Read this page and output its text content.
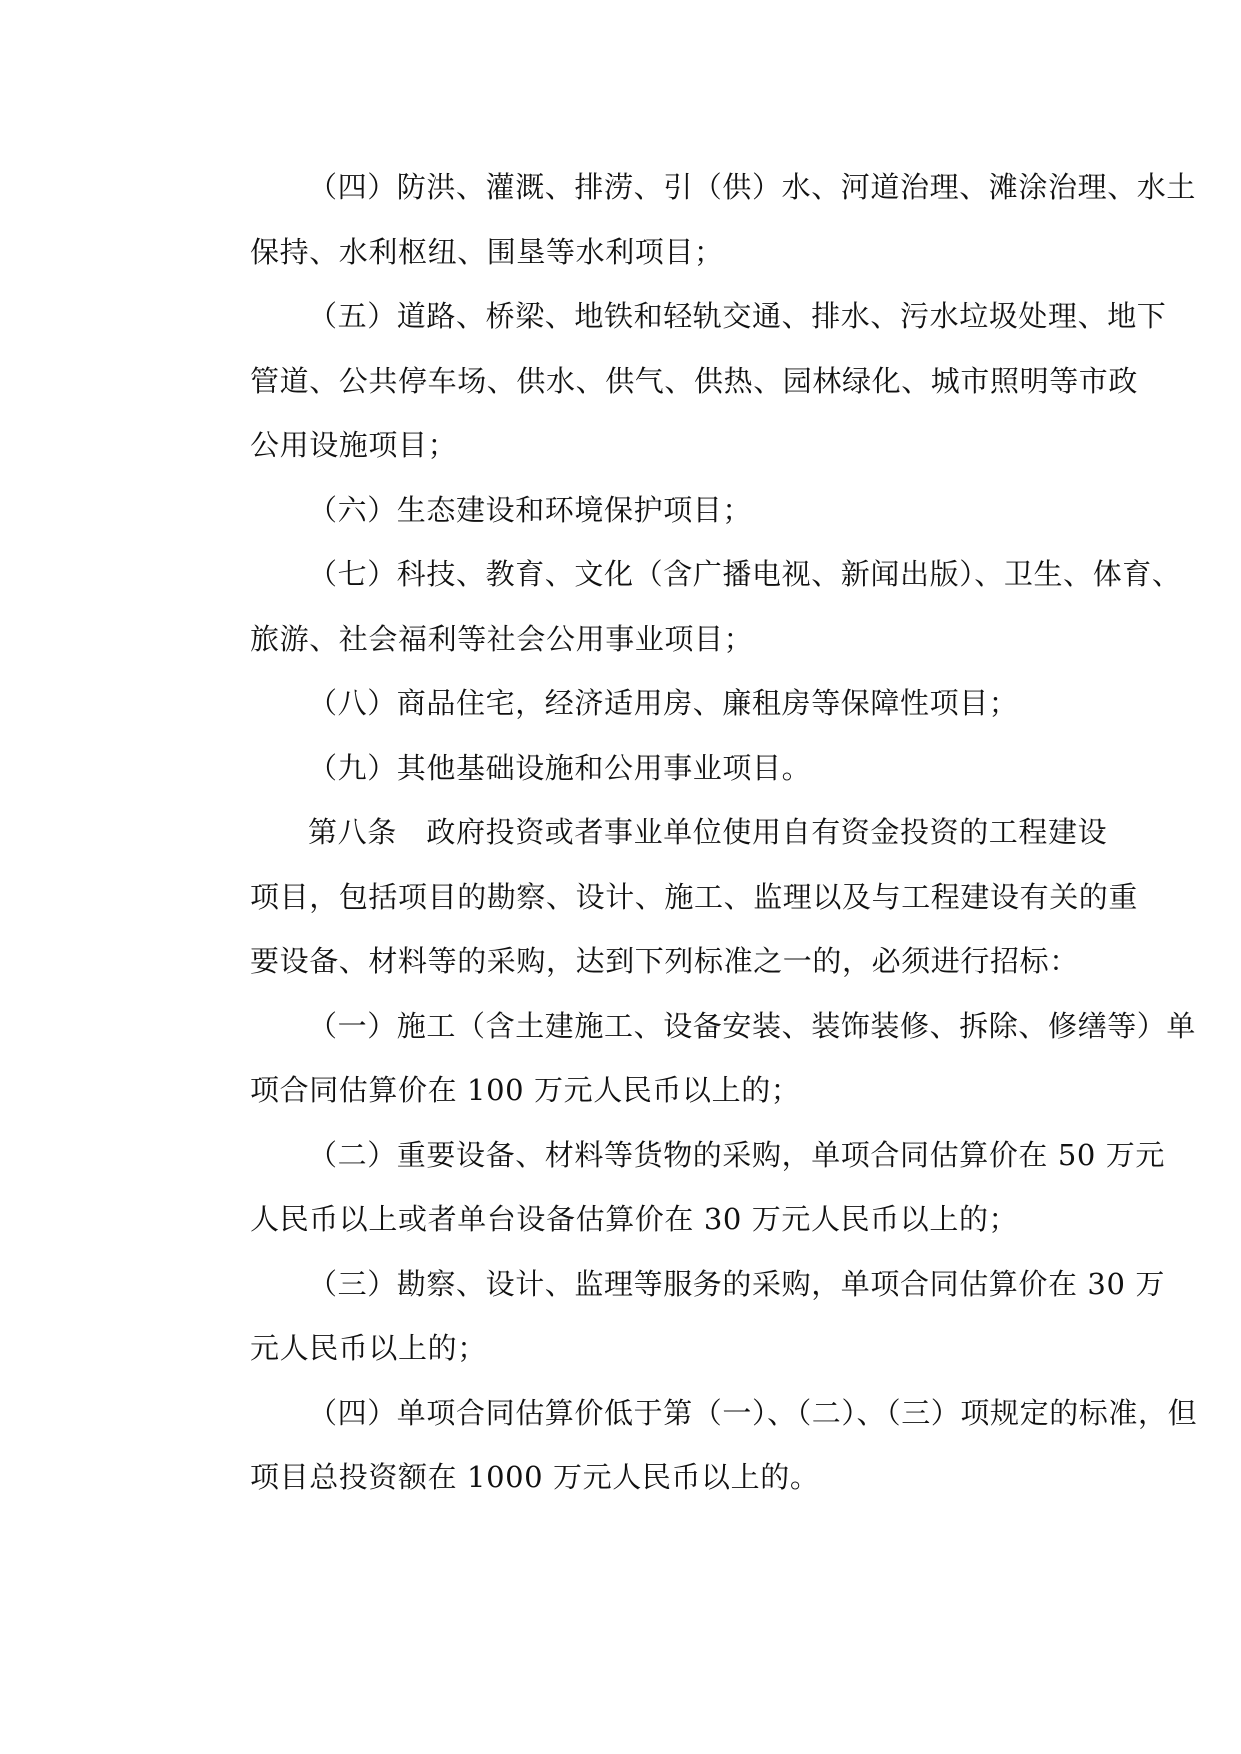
（四）防洪、灌溉、排涝、引（供）水、河道治理、滩涂治理、水土
保持、水利枢纽、围垦等水利项目；

（五）道路、桥梁、地铁和轻轨交通、排水、污水垃圾处理、地下
管道、公共停车场、供水、供气、供热、园林绿化、城市照明等市政
公用设施项目；

（六）生态建设和环境保护项目；

（七）科技、教育、文化（含广播电视、新闻出版）、卫生、体育、
旅游、社会福利等社会公用事业项目；

（八）商品住宅，经济适用房、廉租房等保障性项目；

（九）其他基础设施和公用事业项目。

第八条　政府投资或者事业单位使用自有资金投资的工程建设
项目，包括项目的勘察、设计、施工、监理以及与工程建设有关的重
要设备、材料等的采购，达到下列标准之一的，必须进行招标：

（一）施工（含土建施工、设备安装、装饰装修、拆除、修缮等）单
项合同估算价在 100 万元人民币以上的；

（二）重要设备、材料等货物的采购，单项合同估算价在 50 万元
人民币以上或者单台设备估算价在 30 万元人民币以上的；

（三）勘察、设计、监理等服务的采购，单项合同估算价在 30 万
元人民币以上的；

（四）单项合同估算价低于第（一）、（二）、（三）项规定的标准，但
项目总投资额在 1000 万元人民币以上的。
